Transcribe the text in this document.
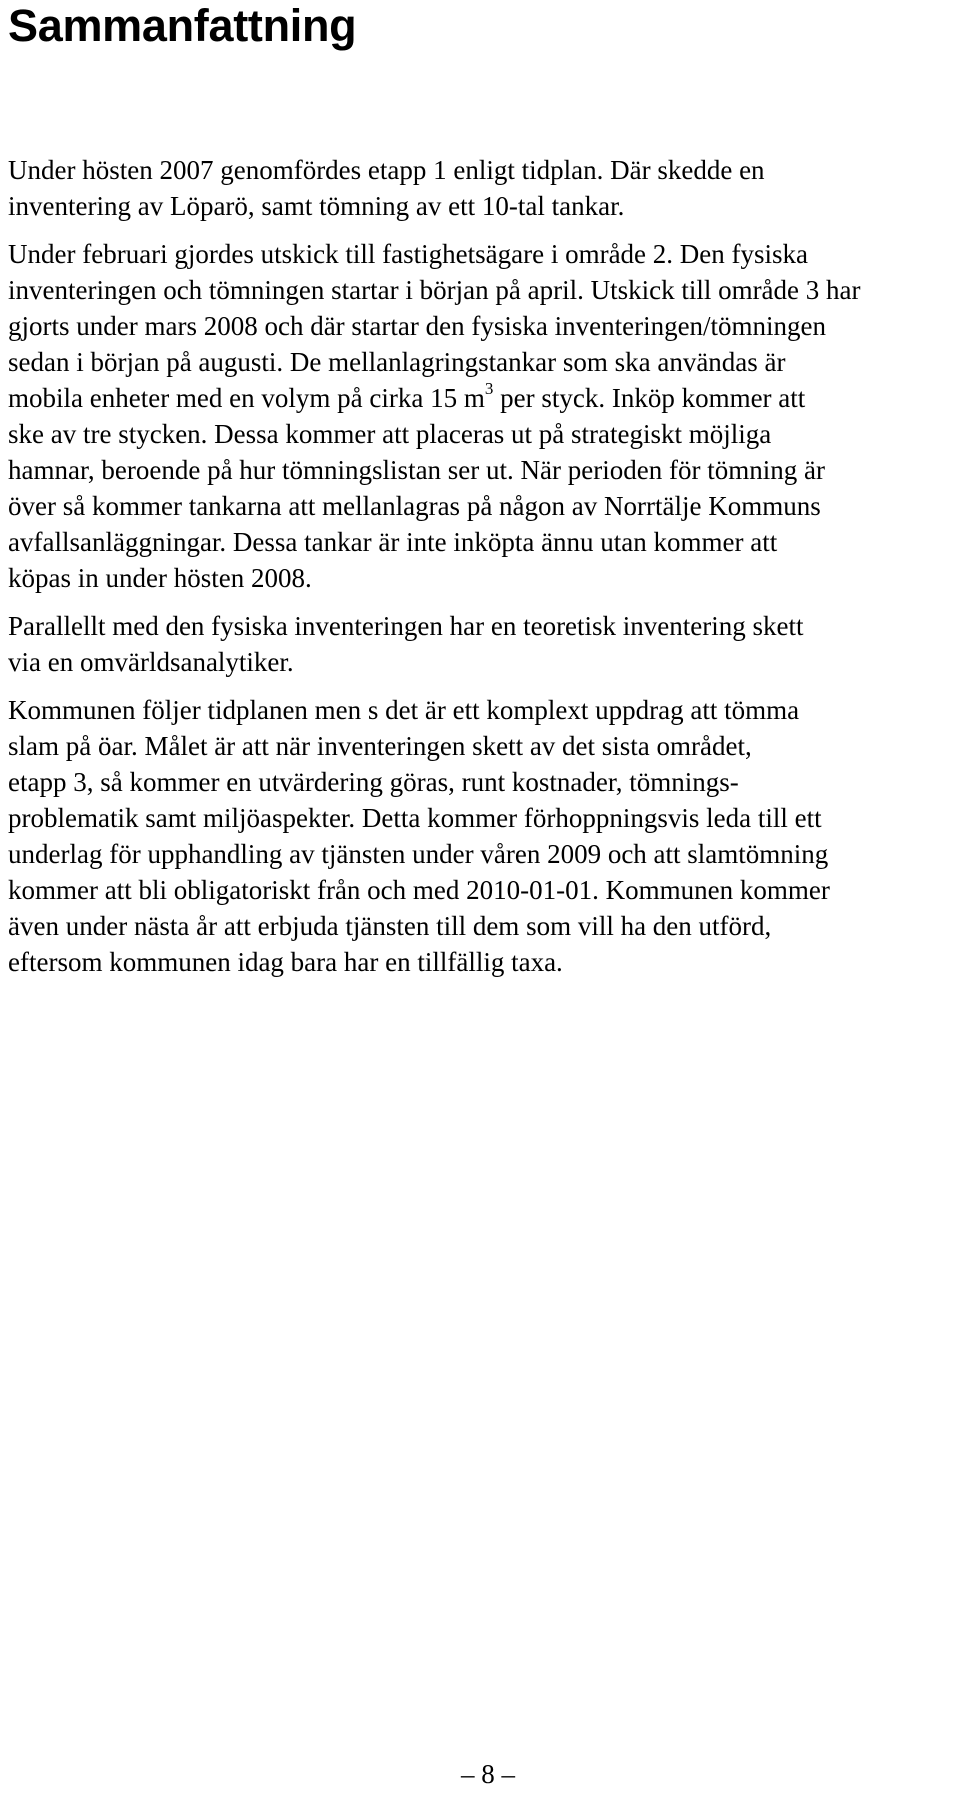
Sammanfattning

Under hösten 2007 genomfördes etapp 1 enligt tidplan. Där skedde en
inventering av Löparö, samt tömning av ett 10-tal tankar.

Under februari gjordes utskick till fastighetsägare i område 2. Den fysiska
inventeringen och tömningen startar i början på april. Utskick till område 3 har
gjorts under mars 2008 och där startar den fysiska inventeringen/tömningen
sedan i början på augusti. De mellanlagringstankar som ska användas är
mobila enheter med en volym på cirka 15 $m^3$ per styck. Inköp kommer att
ske av tre stycken. Dessa kommer att placeras ut på strategiskt möjliga
hamnar, beroende på hur tömningslistan ser ut. När perioden för tömning är
över så kommer tankarna att mellanlagras på någon av Norrtälje Kommuns
avfallsanläggningar. Dessa tankar är inte inköpta ännu utan kommer att
köpas in under hösten 2008.

Parallellt med den fysiska inventeringen har en teoretisk inventering skett
via en omvärldsanalytiker.

Kommunen följer tidplanen men s det är ett komplext uppdrag att tömma
slam på öar. Målet är att när inventeringen skett av det sista området,
etapp 3, så kommer en utvärdering göras, runt kostnader, tömnings-
problematik samt miljöaspekter. Detta kommer förhoppningsvis leda till ett
underlag för upphandling av tjänsten under våren 2009 och att slamtömning
kommer att bli obligatoriskt från och med 2010-01-01. Kommunen kommer
även under nästa år att erbjuda tjänsten till dem som vill ha den utförd,
eftersom kommunen idag bara har en tillfällig taxa.

– 8 –
